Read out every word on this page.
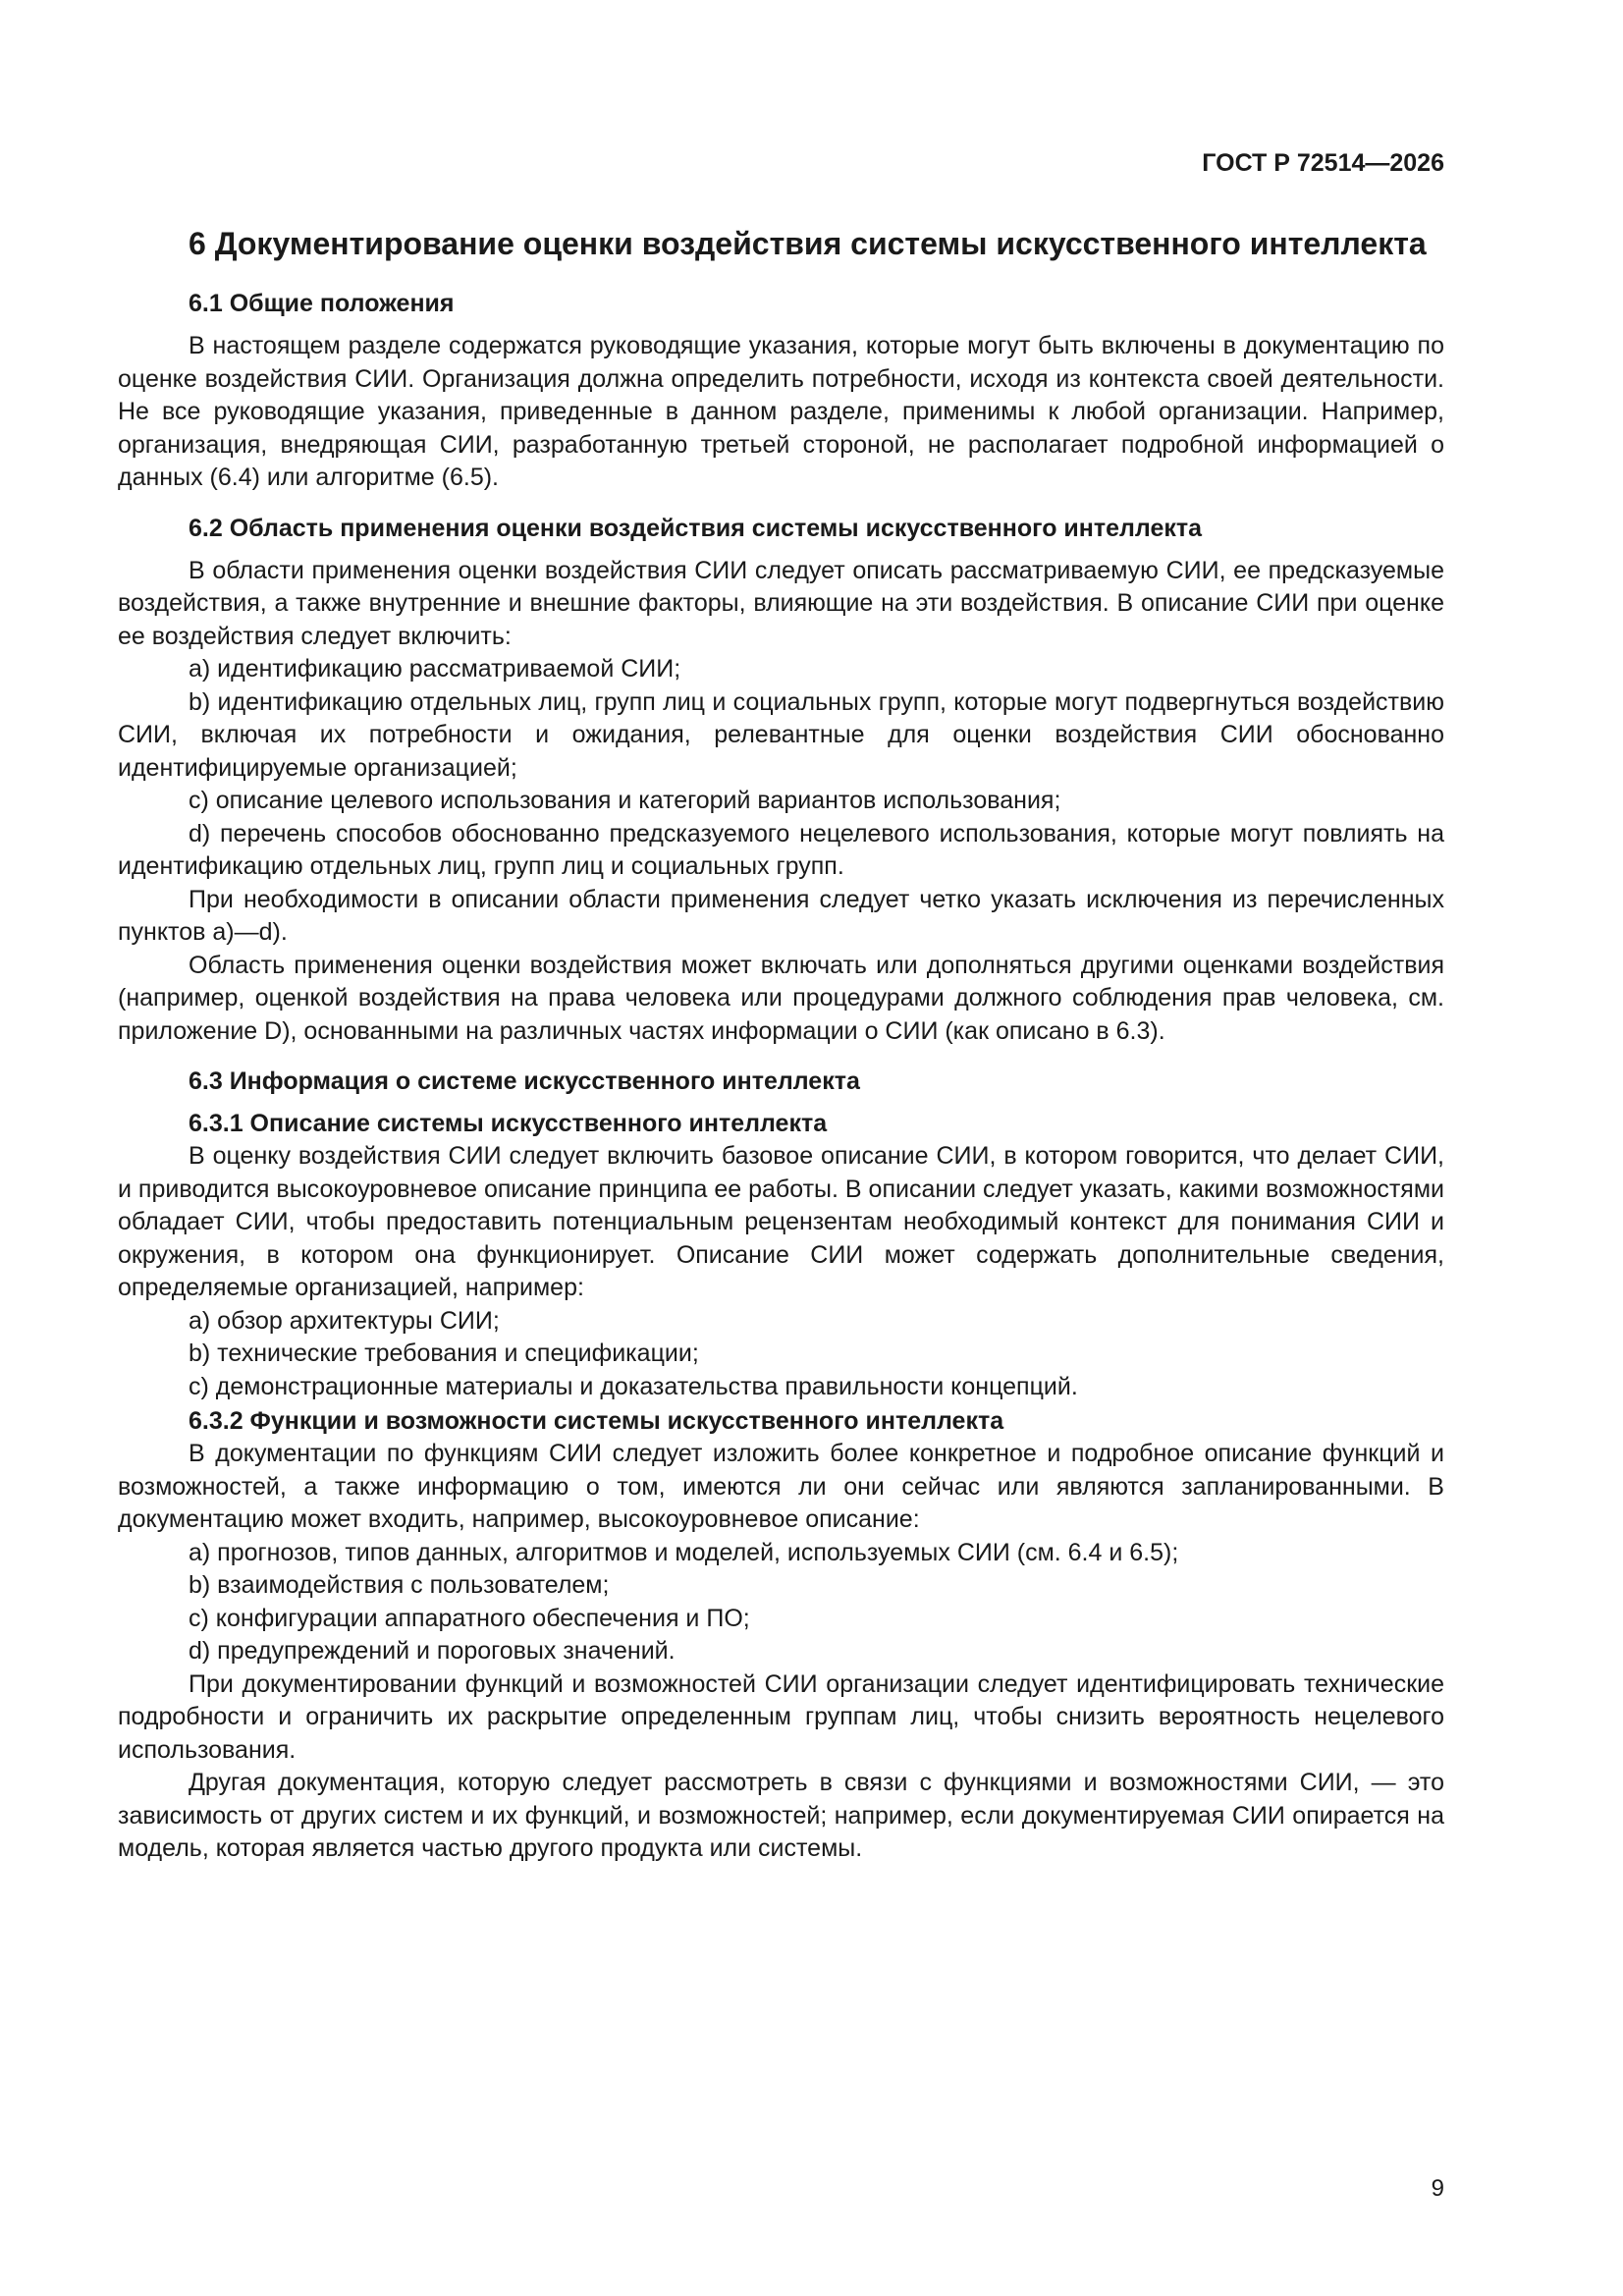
ГОСТ Р 72514—2026
6 Документирование оценки воздействия системы искусственного интеллекта
6.1 Общие положения

В настоящем разделе содержатся руководящие указания, которые могут быть включены в документацию по оценке воздействия СИИ. Организация должна определить потребности, исходя из контекста своей деятельности. Не все руководящие указания, приведенные в данном разделе, применимы к любой организации. Например, организация, внедряющая СИИ, разработанную третьей стороной, не располагает подробной информацией о данных (6.4) или алгоритме (6.5).

6.2 Область применения оценки воздействия системы искусственного интеллекта

В области применения оценки воздействия СИИ следует описать рассматриваемую СИИ, ее предсказуемые воздействия, а также внутренние и внешние факторы, влияющие на эти воздействия. В описание СИИ при оценке ее воздействия следует включить:

a) идентификацию рассматриваемой СИИ;

b) идентификацию отдельных лиц, групп лиц и социальных групп, которые могут подвергнуться воздействию СИИ, включая их потребности и ожидания, релевантные для оценки воздействия СИИ обоснованно идентифицируемые организацией;

c) описание целевого использования и категорий вариантов использования;

d) перечень способов обоснованно предсказуемого нецелевого использования, которые могут повлиять на идентификацию отдельных лиц, групп лиц и социальных групп.

При необходимости в описании области применения следует четко указать исключения из перечисленных пунктов а)—d).

Область применения оценки воздействия может включать или дополняться другими оценками воздействия (например, оценкой воздействия на права человека или процедурами должного соблюдения прав человека, см. приложение D), основанными на различных частях информации о СИИ (как описано в 6.3).

6.3 Информация о системе искусственного интеллекта
6.3.1 Описание системы искусственного интеллекта

В оценку воздействия СИИ следует включить базовое описание СИИ, в котором говорится, что делает СИИ, и приводится высокоуровневое описание принципа ее работы. В описании следует указать, какими возможностями обладает СИИ, чтобы предоставить потенциальным рецензентам необходимый контекст для понимания СИИ и окружения, в котором она функционирует. Описание СИИ может содержать дополнительные сведения, определяемые организацией, например:

a) обзор архитектуры СИИ;

b) технические требования и спецификации;

c) демонстрационные материалы и доказательства правильности концепций.

6.3.2 Функции и возможности системы искусственного интеллекта

В документации по функциям СИИ следует изложить более конкретное и подробное описание функций и возможностей, а также информацию о том, имеются ли они сейчас или являются запланированными. В документацию может входить, например, высокоуровневое описание:

a) прогнозов, типов данных, алгоритмов и моделей, используемых СИИ (см. 6.4 и 6.5);

b) взаимодействия с пользователем;

c) конфигурации аппаратного обеспечения и ПО;

d) предупреждений и пороговых значений.

При документировании функций и возможностей СИИ организации следует идентифицировать технические подробности и ограничить их раскрытие определенным группам лиц, чтобы снизить вероятность нецелевого использования.

Другая документация, которую следует рассмотреть в связи с функциями и возможностями СИИ, — это зависимость от других систем и их функций, и возможностей; например, если документируемая СИИ опирается на модель, которая является частью другого продукта или системы.

9
